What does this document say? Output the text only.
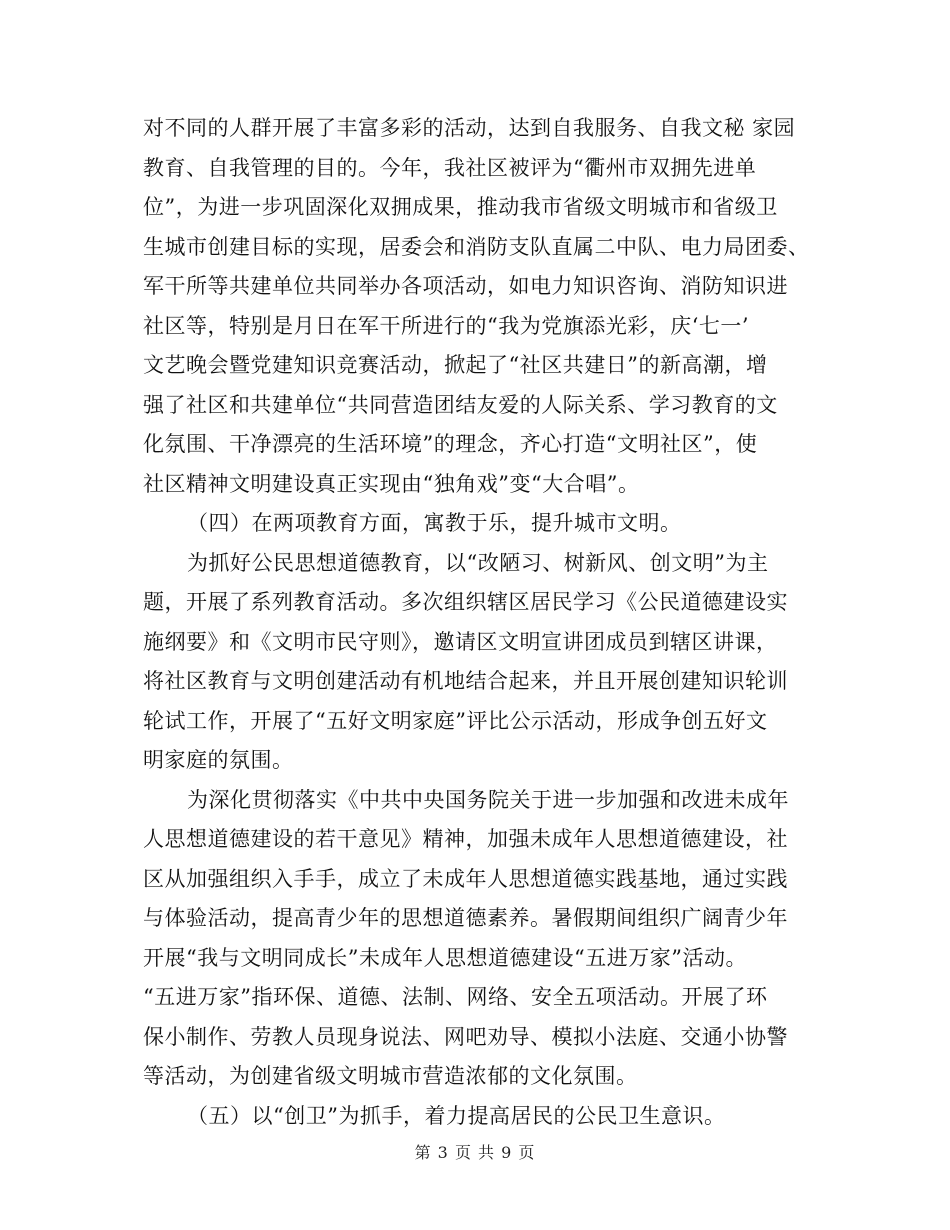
对不同的人群开展了丰富多彩的活动，达到自我服务、自我文秘 家园
教育、自我管理的目的。今年，我社区被评为“衢州市双拥先进单
位”，为进一步巩固深化双拥成果，推动我市省级文明城市和省级卫
生城市创建目标的实现，居委会和消防支队直属二中队、电力局团委、
军干所等共建单位共同举办各项活动，如电力知识咨询、消防知识进
社区等，特别是月日在军干所进行的“我为党旗添光彩，庆‘七一’
文艺晚会暨党建知识竞赛活动，掀起了“社区共建日”的新高潮，增
强了社区和共建单位“共同营造团结友爱的人际关系、学习教育的文
化氛围、干净漂亮的生活环境”的理念，齐心打造“文明社区”，使
社区精神文明建设真正实现由“独角戏”变“大合唱”。
（四）在两项教育方面，寓教于乐，提升城市文明。
为抓好公民思想道德教育，以“改陋习、树新风、创文明”为主
题，开展了系列教育活动。多次组织辖区居民学习《公民道德建设实
施纲要》和《文明市民守则》，邀请区文明宣讲团成员到辖区讲课，
将社区教育与文明创建活动有机地结合起来，并且开展创建知识轮训
轮试工作，开展了“五好文明家庭”评比公示活动，形成争创五好文
明家庭的氛围。
为深化贯彻落实《中共中央国务院关于进一步加强和改进未成年
人思想道德建设的若干意见》精神，加强未成年人思想道德建设，社
区从加强组织入手手，成立了未成年人思想道德实践基地，通过实践
与体验活动，提高青少年的思想道德素养。暑假期间组织广阔青少年
开展“我与文明同成长”未成年人思想道德建设“五进万家”活动。
“五进万家”指环保、道德、法制、网络、安全五项活动。开展了环
保小制作、劳教人员现身说法、网吧劝导、模拟小法庭、交通小协警
等活动，为创建省级文明城市营造浓郁的文化氛围。
（五）以“创卫”为抓手，着力提高居民的公民卫生意识。
第 3 页 共 9 页
